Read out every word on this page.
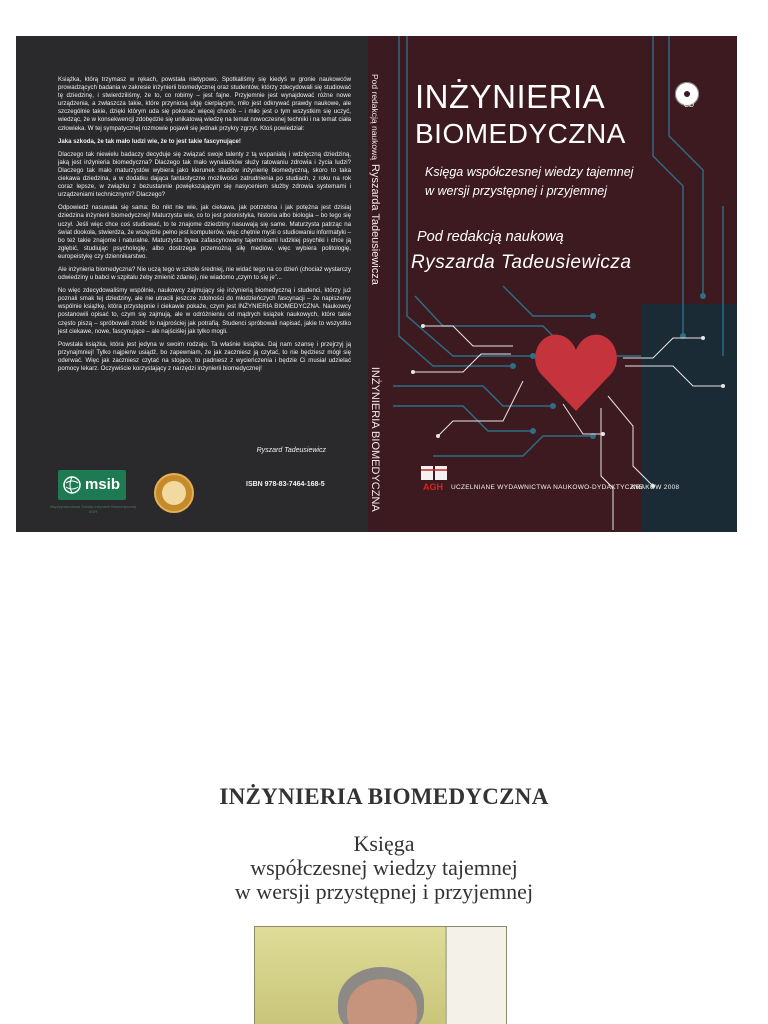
Książka, którą trzymasz w rękach, powstała nietypowo. Spotkaliśmy się kiedyś w gronie naukowców prowadzących badania w zakresie inżynierii biomedycznej oraz studentów, którzy zdecydowali się studiować tę dziedzinę, i stwierdziliśmy, że to, co robimy – jest fajne. Przyjemnie jest wynajdować różne nowe urządzenia, a zwłaszcza takie, które przyniosą ulgę cierpiącym, miło jest odkrywać prawdy naukowe, ale szczególnie takie, dzięki którym uda się pokonać więcej chorób – i miło jest o tym wszystkim się uczyć, wiedząc, że w konsekwencji zdobędzie się unikatową wiedzę na temat nowoczesnej techniki i na temat ciała człowieka. W tej sympatycznej rozmowie pojawił się jednak przykry zgrzyt. Ktoś powiedział:

Jaka szkoda, że tak mało ludzi wie, że to jest takie fascynujące!

Dlaczego tak niewielu badaczy decyduje się związać swoje talenty z tą wspaniałą i wdzięczną dziedziną, jaką jest inżynieria biomedyczna? Dlaczego tak mało wynalazków służy ratowaniu zdrowia i życia ludzi? Dlaczego tak mało maturzystów wybiera jako kierunek studiów inżynierię biomedyczną, skoro to taka ciekawa dziedzina, a w dodatku dająca fantastyczne możliwości zatrudnienia po studiach, z roku na rok coraz lepsze, w związku z bezustannie powiększającym się nasyceniem służby zdrowia systemami i urządzeniami technicznymi? Dlaczego?

Odpowiedź nasuwała się sama: Bo nikt nie wie, jak ciekawa, jak potrzebna i jak potężna jest dzisiaj dziedzina inżynierii biomedycznej! Maturzysta wie, co to jest polonistyka, historia albo biologia – bo tego się uczył. Jeśli więc chce coś studiować, to te znajome dziedziny nasuwają się same. Maturzysta patrząc na świat dookoła, stwierdza, że wszędzie pełno jest komputerów, więc chętnie myśli o studiowaniu informatyki – bo też takie znajome i naturalne. Maturzysta bywa zafascynowany tajemnicami ludzkiej psychiki i chce ją zgłębić, studiując psychologię, albo dostrzega przemożną siłę mediów, więc wybiera politologię, europeistykę czy dziennikarstwo.

Ale inżynieria biomedyczna? Nie uczą tego w szkole średniej, nie widać tego na co dzień (chociaż wystarczy odwiedziny u babci w szpitalu żeby zmienić zdanie), nie wiadomo „czym to się je”...

No więc zdecydowaliśmy wspólnie, naukowcy zajmujący się inżynierią biomedyczną i studenci, którzy już poznali smak tej dziedziny, ale nie utracili jeszcze zdolności do młodzieńczych fascynacji – że napiszemy wspólnie książkę, która przystępnie i ciekawie pokaże, czym jest INŻYNIERIA BIOMEDYCZNA. Naukowcy postanowili opisać to, czym się zajmują, ale w odróżnieniu od mądrych książek naukowych, które takie często piszą – spróbowali zrobić to najprościej jak potrafią. Studenci spróbowali napisać, jakie to wszystko jest ciekawe, nowe, fascynujące – ale najściślej jak tylko mogli.

Powstała książka, która jest jedyna w swoim rodzaju. Ta właśnie książka. Daj nam szansę i przejrzyj ją przynajmniej! Tylko najpierw usiądź, bo zapewniam, że jak zaczniesz ją czytać, to nie będziesz mógł się oderwać. Więc jak zaczniesz czytać na stojąco, to padniesz z wycieńczenia i będzie Ci musiał udzielać pomocy lekarz. Oczywiście korzystający z narzędzi inżynierii biomedycznej!

Ryszard Tadeusiewicz
msib
Międzynarodowa Szkoła Inżynierii Biomedycznej AGH
ISBN 978-83-7464-168-5
Pod redakcją naukową
Ryszarda Tadeusiewicza
INŻYNIERIA BIOMEDYCZNA
INŻYNIERIA
BIOMEDYCZNA
CD
Księga współczesnej wiedzy tajemnej
w wersji przystępnej i przyjemnej
Pod redakcją naukową
Ryszarda Tadeusiewicza
AGH UCZELNIANE WYDAWNICTWA NAUKOWO-DYDAKTYCZNE
KRAKÓW 2008
INŻYNIERIA BIOMEDYCZNA
Księga
współczesnej wiedzy tajemnej
w wersji przystępnej i przyjemnej
